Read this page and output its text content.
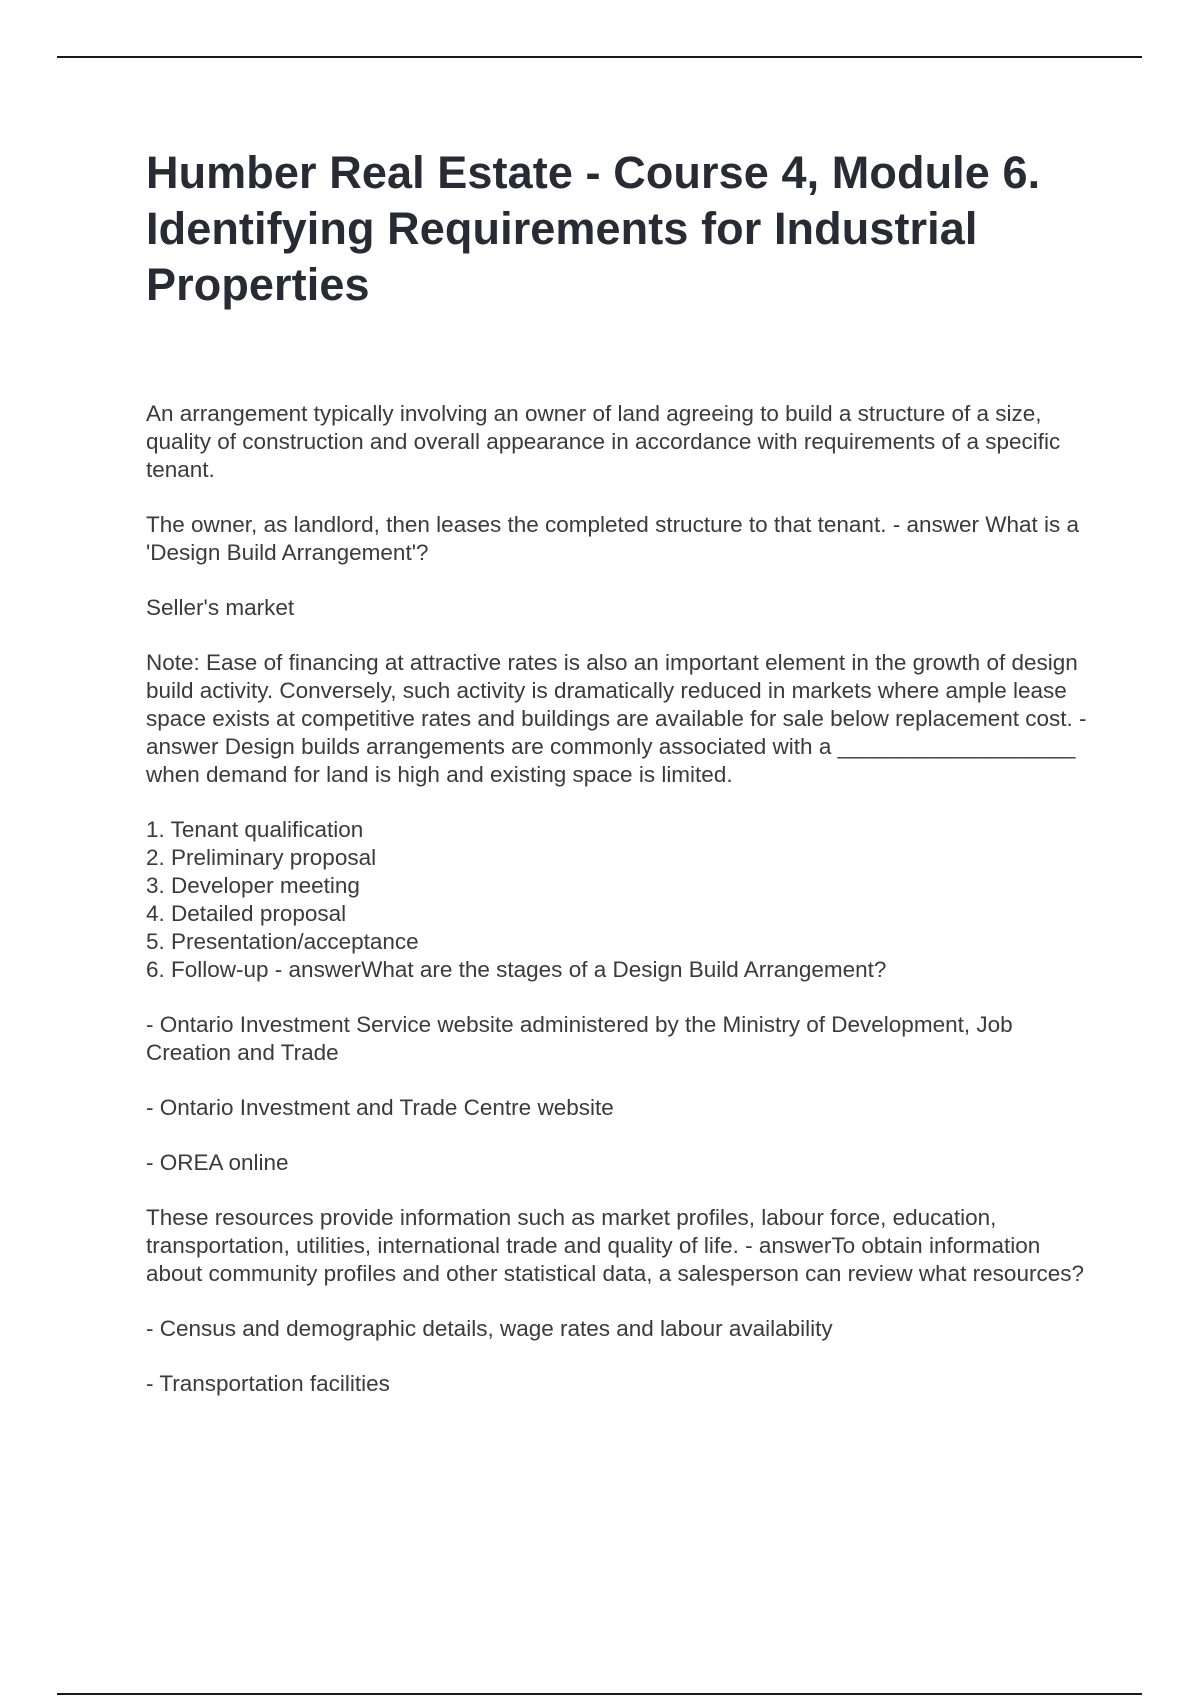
Humber Real Estate - Course 4, Module 6. Identifying Requirements for Industrial Properties

An arrangement typically involving an owner of land agreeing to build a structure of a size, quality of construction and overall appearance in accordance with requirements of a specific tenant.

The owner, as landlord, then leases the completed structure to that tenant. - answer What is a 'Design Build Arrangement'?

Seller's market

Note: Ease of financing at attractive rates is also an important element in the growth of design build activity. Conversely, such activity is dramatically reduced in markets where ample lease space exists at competitive rates and buildings are available for sale below replacement cost. - answer Design builds arrangements are commonly associated with a ___________________ when demand for land is high and existing space is limited.

1. Tenant qualification
2. Preliminary proposal
3. Developer meeting
4. Detailed proposal
5. Presentation/acceptance
6. Follow-up - answerWhat are the stages of a Design Build Arrangement?

- Ontario Investment Service website administered by the Ministry of Development, Job Creation and Trade

- Ontario Investment and Trade Centre website

- OREA online

These resources provide information such as market profiles, labour force, education, transportation, utilities, international trade and quality of life. - answerTo obtain information about community profiles and other statistical data, a salesperson can review what resources?

- Census and demographic details, wage rates and labour availability

- Transportation facilities
